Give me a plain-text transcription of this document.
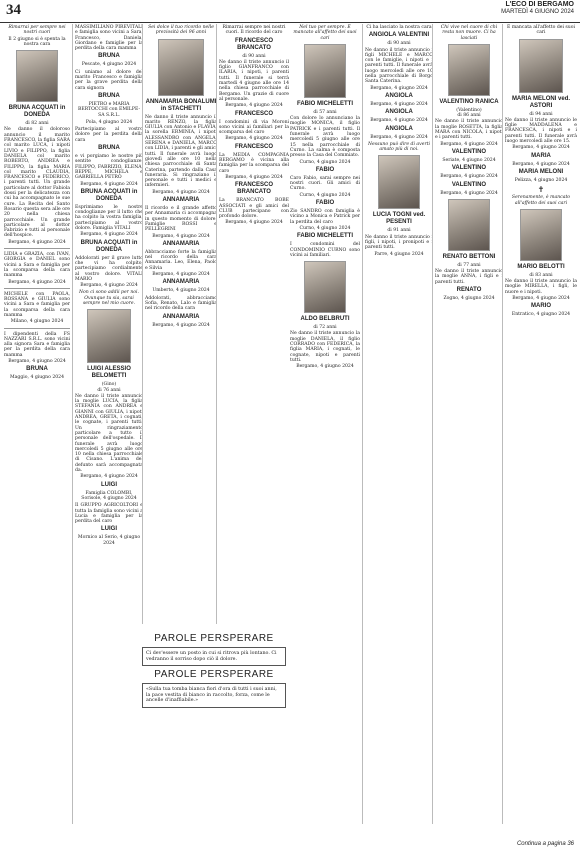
34	L'ECO DI BERGAMO
MARTEDÌ 4 GIUGNO 2024

Rimarrai per sempre nei nostri cuori

Il 2 giugno si è spenta la nostra cara

BRUNA ACQUATI in DONEDA
di 82 anni

Ne danno il doloroso annuncio il marito FRANCESCO, la figlia SARA col marito LUCA, i nipoti LIVIO e FILIPPO, la figlia DANIELA col marito ROBERTO, ANDREA e FILIPPO, la figlia MARIA col marito CLAUDIA, FRANCESCO e FEDERICO, i parenti tutti. Un grande particolare al dottor Fabiola dossi per la delicatezza con cui ha accompagnato le sue cure. La Recita del Santo Rosario questa sera alle ore 20 nella chiesa parrocchiale. Un grande particolare al dottor Fabrizio e tutti al personale dell'hospice.

Bergamo, 4 giugno 2024

LIDIA e GRAZIA, con IVAN, GIORGIA e DANIEL sono vicini a Sara e famiglia per la scomparsa della cara mamma

Bergamo, 4 giugno 2024

MICHELE con PAOLA, ROSSANA e GIULIA sono vicini a Sara e famiglia per la scomparsa della cara mamma

Milano, 4 giugno 2024

I dipendenti della FS NAZZARI S.R.L. sono vicini alla signora Sara e famiglia per la perdita della cara mamma

Bergamo, 4 giugno 2024
BRUNA
Maggio, 4 giugno 2024

MASSIMILIANO PIREVITALI e famiglia sono vicini a Sara, Francesco, Daniela, Giordano e famiglie per la perdita della cara mamma

BRUNA
Pescate, 4 giugno 2024

Ci uniamo al dolore del marito Francesco e famiglia per la grave perdita della cara signora

BRUNA
PIETRO e MARIA BERTOCCHI con EMILPE-SA S.R.L.
Pola, 4 giugno 2024

Partecipiamo al vostro dolore per la perdita della cara

BRUNA

e vi porgiamo le nostre più sentite condoglianze. FILIPPO, FABRIZIO, ELENA, BEPPE, MICHELA e GABRIELLA PETRÒ

Bergamo, 4 giugno 2024
BRUNA ACQUATI in DONEDA

Esprimiamo le nostre condoglianze per il lutto che ha colpito la vostra famiglia, partecipiamo al vostro dolore. Famiglia VITALI

Bergamo, 4 giugno 2024
BRUNA ACQUATI in DONEDA

Addolorati per il grave lutto che vi ha colpito, partecipiamo cordialmente al vostro dolore. VITALI MARIO

Bergamo, 4 giugno 2024

Non ci sono addii per noi. Ovunque tu sia, sarai sempre nel mio cuore.

LUIGI ALESSIO BELOMETTI
(Gino)
di 76 anni

Ne danno il triste annuncio la moglie LUCIA, la figlia STEFANIA con ANDREA e GIANNI con GIULIA, i nipoti ANDREA, GRETA, i cognati, le cognate, i parenti tutti. Un ringraziamento particolare a tutto il personale dell'ospedale. Il funerale avrà luogo mercoledì 5 giugno alle ore 10 nella chiesa parrocchiale di Cisano. L'anima del defunto sarà accompagnata da.

Bergamo, 4 giugno 2024
LUIGI
Famiglia COLOMBI, Sorisole, 4 giugno 2024

Il GRUPPO AGRICOLTORI e tutta la famiglia sono vicini a Lucia e famiglia per la perdita del caro

LUIGI
Mornico al Serio, 4 giugno 2024

Sei dolce il tuo ricordo nelle preziosità dei 96 anni

ANNAMARIA BONALUMI in STACHETTI

Ne danno il triste annuncio il marito RENZO, la figlia GIULIA con Antonio e FLAVIA, la sorella ERMINIA, i nipoti ALESSANDRO con ANGELA, SERENA e DANIELA, MARCO con LIDIA, i parenti e gli amici tutti. Il funerale avrà luogo giovedì alle ore 10 nella chiesa parrocchiale di Santa Caterina, partendo dalla Casa funeraria. Si ringraziano il personale e tutti i medici e infermieri.

Bergamo, 4 giugno 2024
ANNAMARIA

Il ricordo e il grande affetto per Annamaria ci accompagna in questo momento di dolore. Famiglie ROSSI e PELLEGRINI

Bergamo, 4 giugno 2024
ANNAMARIA

Abbracciamo forte la famiglia nel ricordo della cara Annamaria. Leo, Elena, Paolo e Silvia

Bergamo, 4 giugno 2024
ANNAMARIA
Umberto, 4 giugno 2024

Addolorati, abbracciamo Sofia, Renato, Lalo e famiglia nel ricordo della cara

ANNAMARIA
Bergamo, 4 giugno 2024

Rimarrai sempre nei nostri cuori. Il ricordo del caro

FRANCESCO BRANCATO
di 90 anni

Ne danno il triste annuncio il figlio GIANFRANCO con ILARIA, i nipoti, i parenti tutti. Il funerale si terrà martedì 4 giugno alle ore 14 nella chiesa parrocchiale di Bergamo. Un grazie di cuore al personale.

Bergamo, 4 giugno 2024
FRANCESCO

I condomini di via Moroni sono vicini ai familiari per la scomparsa del caro

Bergamo, 4 giugno 2024
FRANCESCO

La MEDIA COMPAGNIA BERGAMO è vicina alla famiglia per la scomparsa del caro

Bergamo, 4 giugno 2024
FRANCESCO BRANCATO

La BRANCATO BOBE ASSOCIATI e gli amici del CLUB partecipano con profondo dolore.

Bergamo, 4 giugno 2024
PAROLE PERSPERARE

Ci dev'essere un posto in cui si ritrova più lontano. Ci vedranno il sorriso dopo ciò il dolore.

PAROLE PERSPERARE

«Sulla tua tomba bianca fiori d'ora di tutti i suoi anni, la pace vestita di bianco in raccolto, forza, come le ancelle d'inaffiabile.»

Nel tuo per sempre. È mancato all'affetto dei suoi cari

FABIO MICHELETTI
di 57 anni

Con dolore lo annunciano la moglie MONICA, il figlio PATRICK e i parenti tutti. Il funerale avrà luogo mercoledì 5 giugno alle ore 15 nella parrocchiale di Curno. La salma è composta presso la Casa del Commiato.

Curno, 4 giugno 2024
FABIO

Caro Fabio, sarai sempre nei nostri cuori. Gli amici di Curno.

Curno, 4 giugno 2024
FABIO

Zio SANDRO con famiglia è vicino a Monica e Patrick per la perdita del caro

Curno, 4 giugno 2024
FABIO MICHELETTI

I condomini del CONDOMINIO CURNO sono vicini ai familiari.

ALDO BELBRUTI
di 72 anni

Ne danno il triste annuncio la moglie DANIELA, il figlio CORRADO con FEDERICA, la figlia MARIA, i cognati, le cognate, nipoti e parenti tutti.

Bergamo, 4 giugno 2024

Ci ha lasciato la nostra cara

ANGIOLA VALENTINI
di 90 anni

Ne danno il triste annuncio i figli MICHELE e MARCO con le famiglie, i nipoti e i parenti tutti. Il funerale avrà luogo mercoledì alle ore 10 nella parrocchiale di Borgo Santa Caterina.

Bergamo, 4 giugno 2024
ANGIOLA
Bergamo, 4 giugno 2024
ANGIOLA
Bergamo, 4 giugno 2024
ANGIOLA
Bergamo, 4 giugno 2024

Nessuno può dire di averti amato più di noi.

LUCIA TOGNI ved. PESENTI
di 91 anni

Ne danno il triste annuncio i figli, i nipoti, i pronipoti e i parenti tutti.

Parre, 4 giugno 2024

Chi vive nel cuore di chi resta non muore. Ci ha lasciati

VALENTINO RANICA
(Valentino)
di 86 anni

Ne danno il triste annuncio la moglie ROSETTA, la figlia MARA con NICOLA, i nipoti e i parenti tutti.

Bergamo, 4 giugno 2024
VALENTINO
Seriate, 4 giugno 2024
VALENTINO
Bergamo, 4 giugno 2024
VALENTINO
Bergamo, 4 giugno 2024
RENATO BETTONI
di 77 anni

Ne danno il triste annuncio la moglie ANNA, i figli e i parenti tutti.

RENATO
Zogno, 4 giugno 2024

È mancata all'affetto dei suoi cari

MARIA MELONI ved. ASTORI
di 94 anni

Ne danno il triste annuncio le figlie MADDALENA e FRANCESCA, i nipoti e i parenti tutti. Il funerale avrà luogo mercoledì alle ore 15.

Bergamo, 4 giugno 2024
MARIA
Bergamo, 4 giugno 2024
MARIA MELONI
Pelizza, 4 giugno 2024
✝

Serenamente, è mancato all'affetto dei suoi cari

MARIO BELOTTI
di 83 anni

Ne danno il triste annuncio la moglie MIRELLA, i figli, le nuore e i nipoti.

Bergamo, 4 giugno 2024
MARIO
Entratico, 4 giugno 2024
Continua a pagina 36
